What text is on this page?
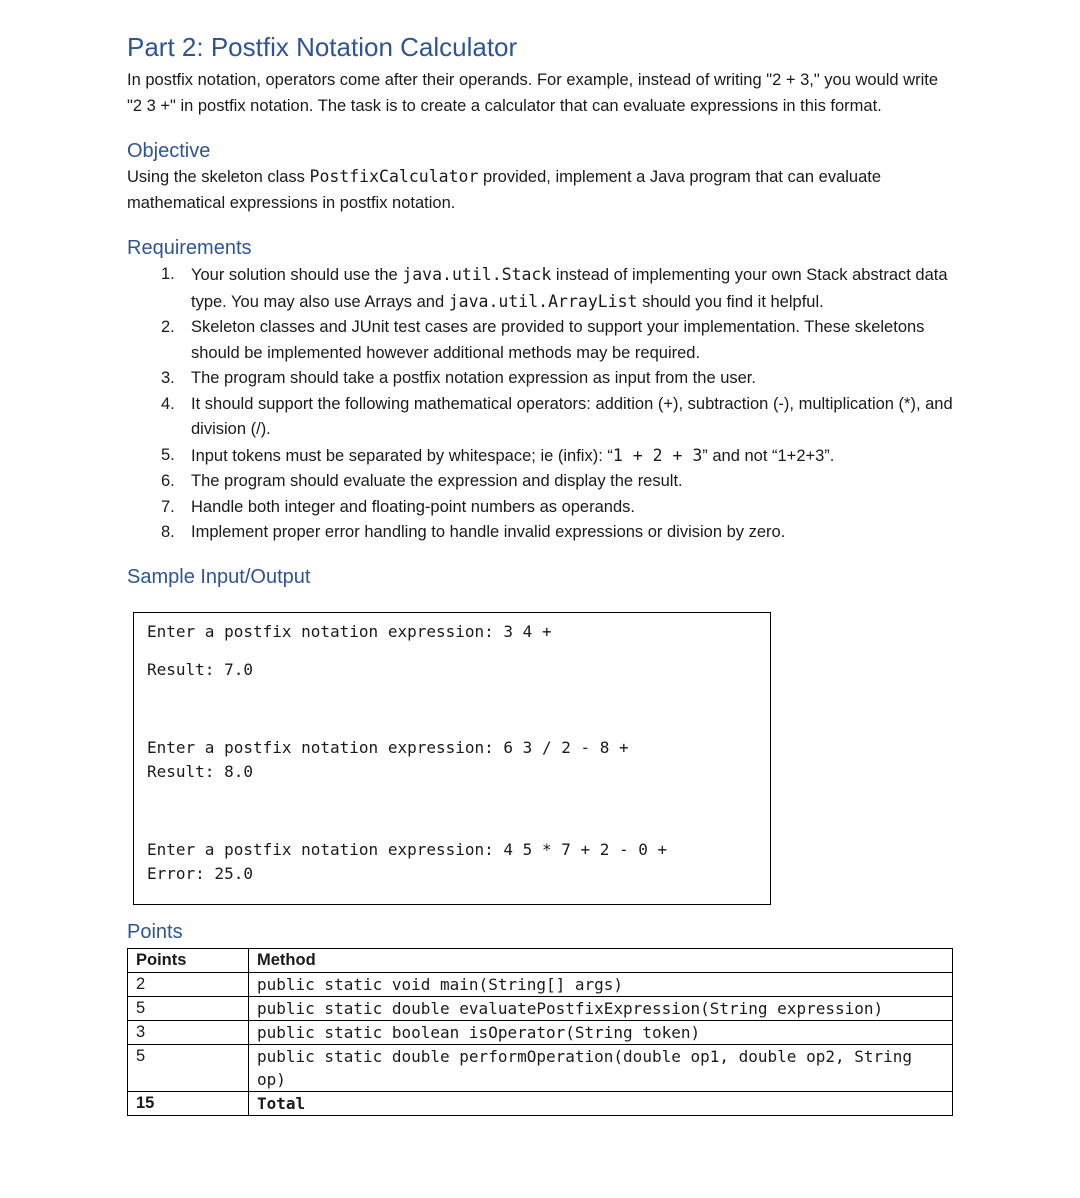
Part 2: Postfix Notation Calculator

In postfix notation, operators come after their operands. For example, instead of writing "2 + 3," you would write "2 3 +" in postfix notation. The task is to create a calculator that can evaluate expressions in this format.

Objective

Using the skeleton class PostfixCalculator provided, implement a Java program that can evaluate mathematical expressions in postfix notation.

Requirements
1. Your solution should use the java.util.Stack instead of implementing your own Stack abstract data type. You may also use Arrays and java.util.ArrayList should you find it helpful.
2. Skeleton classes and JUnit test cases are provided to support your implementation. These skeletons should be implemented however additional methods may be required.
3. The program should take a postfix notation expression as input from the user.
4. It should support the following mathematical operators: addition (+), subtraction (-), multiplication (*), and division (/).
5. Input tokens must be separated by whitespace; ie (infix): “1 + 2 + 3” and not “1+2+3”.
6. The program should evaluate the expression and display the result.
7. Handle both integer and floating-point numbers as operands.
8. Implement proper error handling to handle invalid expressions or division by zero.
Sample Input/Output
Enter a postfix notation expression: 3 4 +
Result: 7.0
Enter a postfix notation expression: 6 3 / 2 - 8 +
Result: 8.0
Enter a postfix notation expression: 4 5 * 7 + 2 - 0 +
Error: 25.0
Points
Points	Method
2	public static void main(String[] args)
5	public static double evaluatePostfixExpression(String expression)
3	public static boolean isOperator(String token)
5	public static double performOperation(double op1, double op2, String op)
15	Total
